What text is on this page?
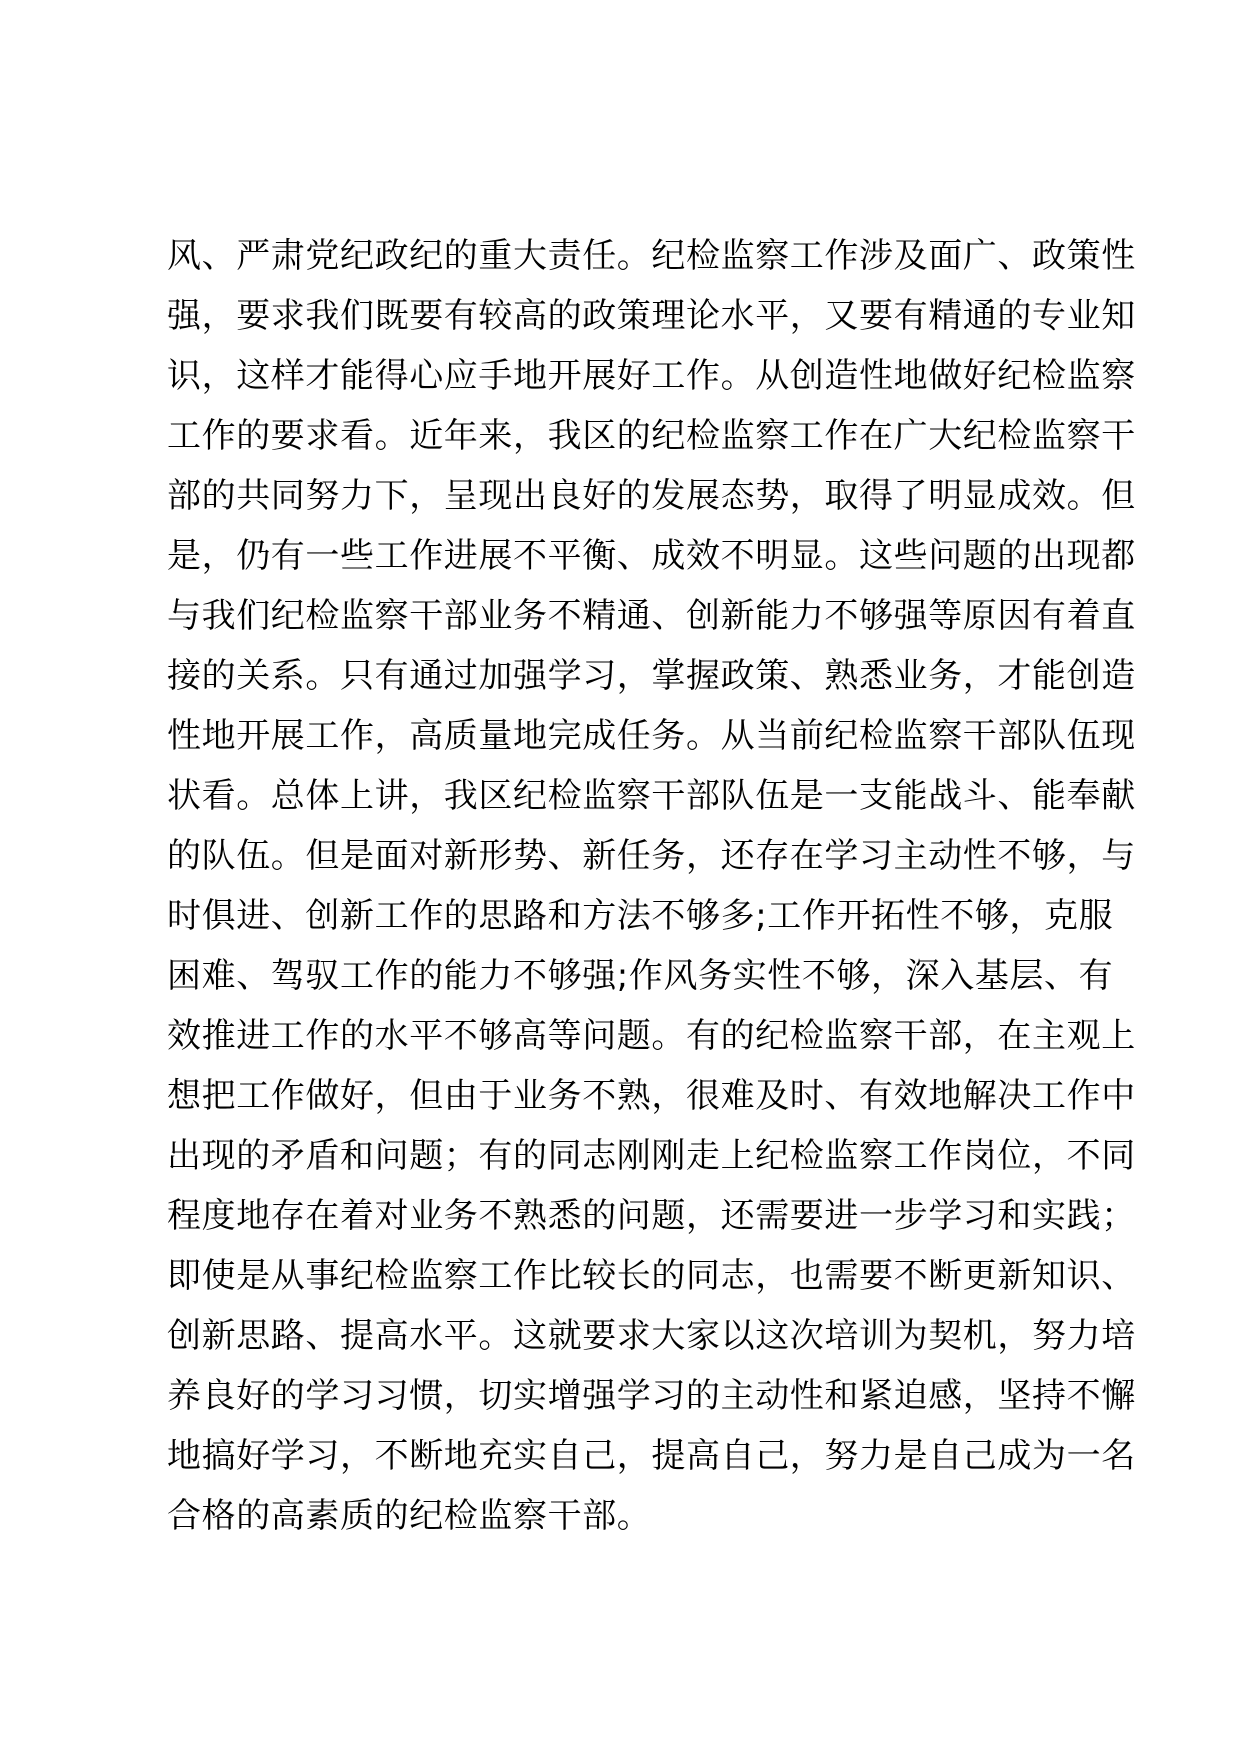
风、严肃党纪政纪的重大责任。纪检监察工作涉及面广、政策性
强，要求我们既要有较高的政策理论水平，又要有精通的专业知
识，这样才能得心应手地开展好工作。从创造性地做好纪检监察
工作的要求看。近年来，我区的纪检监察工作在广大纪检监察干
部的共同努力下，呈现出良好的发展态势，取得了明显成效。但
是，仍有一些工作进展不平衡、成效不明显。这些问题的出现都
与我们纪检监察干部业务不精通、创新能力不够强等原因有着直
接的关系。只有通过加强学习，掌握政策、熟悉业务，才能创造
性地开展工作，高质量地完成任务。从当前纪检监察干部队伍现
状看。总体上讲，我区纪检监察干部队伍是一支能战斗、能奉献
的队伍。但是面对新形势、新任务，还存在学习主动性不够，与
时俱进、创新工作的思路和方法不够多;工作开拓性不够，克服
困难、驾驭工作的能力不够强;作风务实性不够，深入基层、有
效推进工作的水平不够高等问题。有的纪检监察干部，在主观上
想把工作做好，但由于业务不熟，很难及时、有效地解决工作中
出现的矛盾和问题；有的同志刚刚走上纪检监察工作岗位，不同
程度地存在着对业务不熟悉的问题，还需要进一步学习和实践；
即使是从事纪检监察工作比较长的同志，也需要不断更新知识、
创新思路、提高水平。这就要求大家以这次培训为契机，努力培
养良好的学习习惯，切实增强学习的主动性和紧迫感，坚持不懈
地搞好学习，不断地充实自己，提高自己，努力是自己成为一名
合格的高素质的纪检监察干部。
